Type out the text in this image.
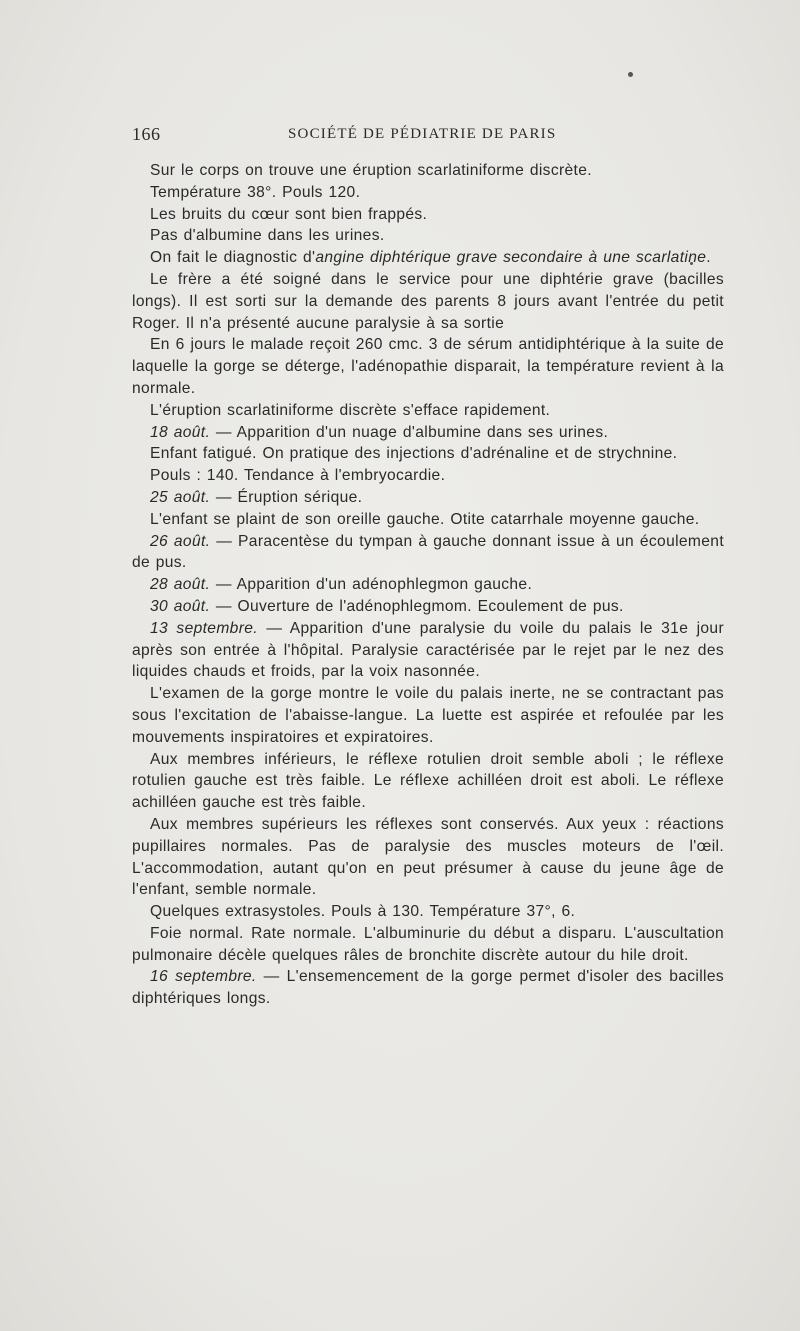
166	SOCIÉTÉ DE PÉDIATRIE DE PARIS

Sur le corps on trouve une éruption scarlatiniforme discrète.

Température 38°. Pouls 120.

Les bruits du cœur sont bien frappés.

Pas d'albumine dans les urines.

On fait le diagnostic d'angine diphtérique grave secondaire à une scarlatine.

Le frère a été soigné dans le service pour une diphtérie grave (bacilles longs). Il est sorti sur la demande des parents 8 jours avant l'entrée du petit Roger. Il n'a présenté aucune paralysie à sa sortie

En 6 jours le malade reçoit 260 cmc. 3 de sérum antidiphtérique à la suite de laquelle la gorge se déterge, l'adénopathie disparait, la température revient à la normale.

L'éruption scarlatiniforme discrète s'efface rapidement.

18 août. — Apparition d'un nuage d'albumine dans ses urines.

Enfant fatigué. On pratique des injections d'adrénaline et de strychnine.

Pouls : 140. Tendance à l'embryocardie.

25 août. — Éruption sérique.

L'enfant se plaint de son oreille gauche. Otite catarrhale moyenne gauche.

26 août. — Paracentèse du tympan à gauche donnant issue à un écoulement de pus.

28 août. — Apparition d'un adénophlegmon gauche.

30 août. — Ouverture de l'adénophlegmom. Ecoulement de pus.

13 septembre. — Apparition d'une paralysie du voile du palais le 31e jour après son entrée à l'hôpital. Paralysie caractérisée par le rejet par le nez des liquides chauds et froids, par la voix nasonnée.

L'examen de la gorge montre le voile du palais inerte, ne se contractant pas sous l'excitation de l'abaisse-langue. La luette est aspirée et refoulée par les mouvements inspiratoires et expiratoires.

Aux membres inférieurs, le réflexe rotulien droit semble aboli ; le réflexe rotulien gauche est très faible. Le réflexe achilléen droit est aboli. Le réflexe achilléen gauche est très faible.

Aux membres supérieurs les réflexes sont conservés. Aux yeux : réactions pupillaires normales. Pas de paralysie des muscles moteurs de l'œil. L'accommodation, autant qu'on en peut présumer à cause du jeune âge de l'enfant, semble normale.

Quelques extrasystoles. Pouls à 130. Température 37°, 6.

Foie normal. Rate normale. L'albuminurie du début a disparu. L'auscultation pulmonaire décèle quelques râles de bronchite discrète autour du hile droit.

16 septembre. — L'ensemencement de la gorge permet d'isoler des bacilles diphtériques longs.
